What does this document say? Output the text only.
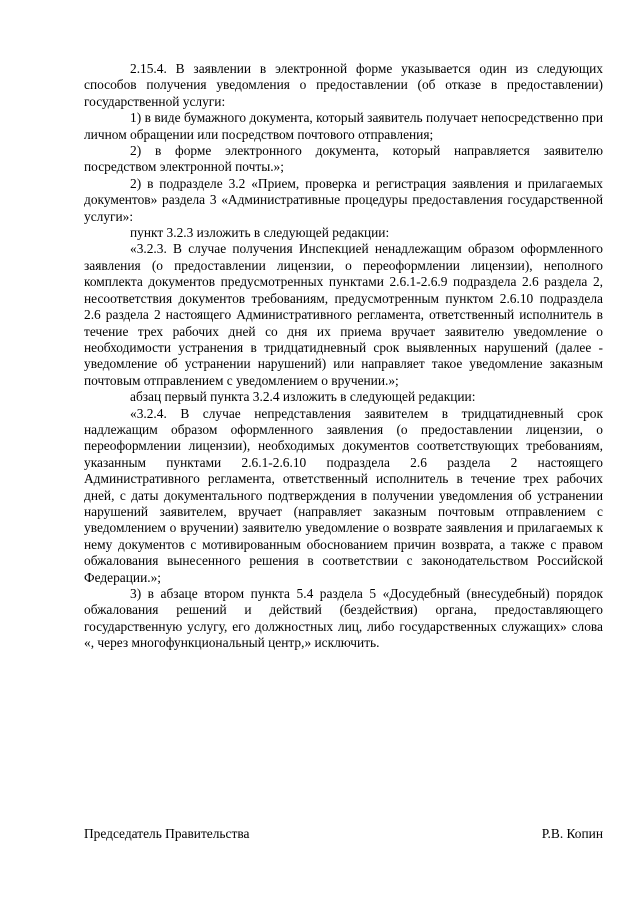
2.15.4. В заявлении в электронной форме указывается один из следующих способов получения уведомления о предоставлении (об отказе в предоставлении) государственной услуги:

1) в виде бумажного документа, который заявитель получает непосредственно при личном обращении или посредством почтового отправления;

2) в форме электронного документа, который направляется заявителю посредством электронной почты.»;

2) в подразделе 3.2 «Прием, проверка и регистрация заявления и прилагаемых документов» раздела 3 «Административные процедуры предоставления государственной услуги»:

пункт 3.2.3 изложить в следующей редакции:

«3.2.3. В случае получения Инспекцией ненадлежащим образом оформленного заявления (о предоставлении лицензии, о переоформлении лицензии), неполного комплекта документов предусмотренных пунктами 2.6.1-2.6.9 подраздела 2.6 раздела 2, несоответствия документов требованиям, предусмотренным пунктом 2.6.10 подраздела 2.6 раздела 2 настоящего Административного регламента, ответственный исполнитель в течение трех рабочих дней со дня их приема вручает заявителю уведомление о необходимости устранения в тридцатидневный срок выявленных нарушений (далее - уведомление об устранении нарушений) или направляет такое уведомление заказным почтовым отправлением с уведомлением о вручении.»;

абзац первый пункта 3.2.4 изложить в следующей редакции:

«3.2.4. В случае непредставления заявителем в тридцатидневный срок надлежащим образом оформленного заявления (о предоставлении лицензии, о переоформлении лицензии), необходимых документов соответствующих требованиям, указанным пунктами 2.6.1-2.6.10 подраздела 2.6 раздела 2 настоящего Административного регламента, ответственный исполнитель в течение трех рабочих дней, с даты документального подтверждения в получении уведомления об устранении нарушений заявителем, вручает (направляет заказным почтовым отправлением с уведомлением о вручении) заявителю уведомление о возврате заявления и прилагаемых к нему документов с мотивированным обоснованием причин возврата, а также с правом обжалования вынесенного решения в соответствии с законодательством Российской Федерации.»;

3) в абзаце втором пункта 5.4 раздела 5 «Досудебный (внесудебный) порядок обжалования решений и действий (бездействия) органа, предоставляющего государственную услугу, его должностных лиц, либо государственных служащих» слова «, через многофункциональный центр,» исключить.

Председатель Правительства	Р.В. Копин
